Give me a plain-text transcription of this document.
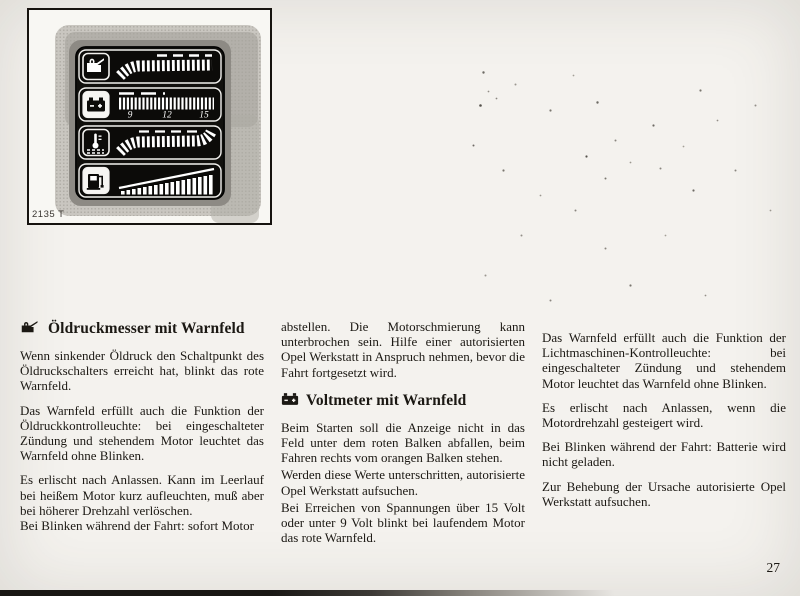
9	12	15
2135 T
Öldruckmesser mit Warnfeld

Wenn sinkender Öldruck den Schaltpunkt des Öldruckschalters erreicht hat, blinkt das rote Warnfeld.

Das Warnfeld erfüllt auch die Funktion der Öldruckkontrolleuchte: bei eingeschalteter Zündung und stehendem Motor leuchtet das Warnfeld ohne Blinken.

Es erlischt nach Anlassen. Kann im Leerlauf bei heißem Motor kurz aufleuchten, muß aber bei höherer Drehzahl verlöschen.

Bei Blinken während der Fahrt: sofort Motor

abstellen. Die Motorschmierung kann unterbrochen sein. Hilfe einer autorisierten Opel Werkstatt in Anspruch nehmen, bevor die Fahrt fortgesetzt wird.

Voltmeter mit Warnfeld

Beim Starten soll die Anzeige nicht in das Feld unter dem roten Balken abfallen, beim Fahren rechts vom orangen Balken stehen.

Werden diese Werte unterschritten, autorisierte Opel Werkstatt aufsuchen.

Bei Erreichen von Spannungen über 15 Volt oder unter 9 Volt blinkt bei laufendem Motor das rote Warnfeld.

Das Warnfeld erfüllt auch die Funktion der Lichtmaschinen-Kontrolleuchte: bei eingeschalteter Zündung und stehendem Motor leuchtet das Warnfeld ohne Blinken.

Es erlischt nach Anlassen, wenn die Motordrehzahl gesteigert wird.

Bei Blinken während der Fahrt: Batterie wird nicht geladen.

Zur Behebung der Ursache autorisierte Opel Werkstatt aufsuchen.

27
